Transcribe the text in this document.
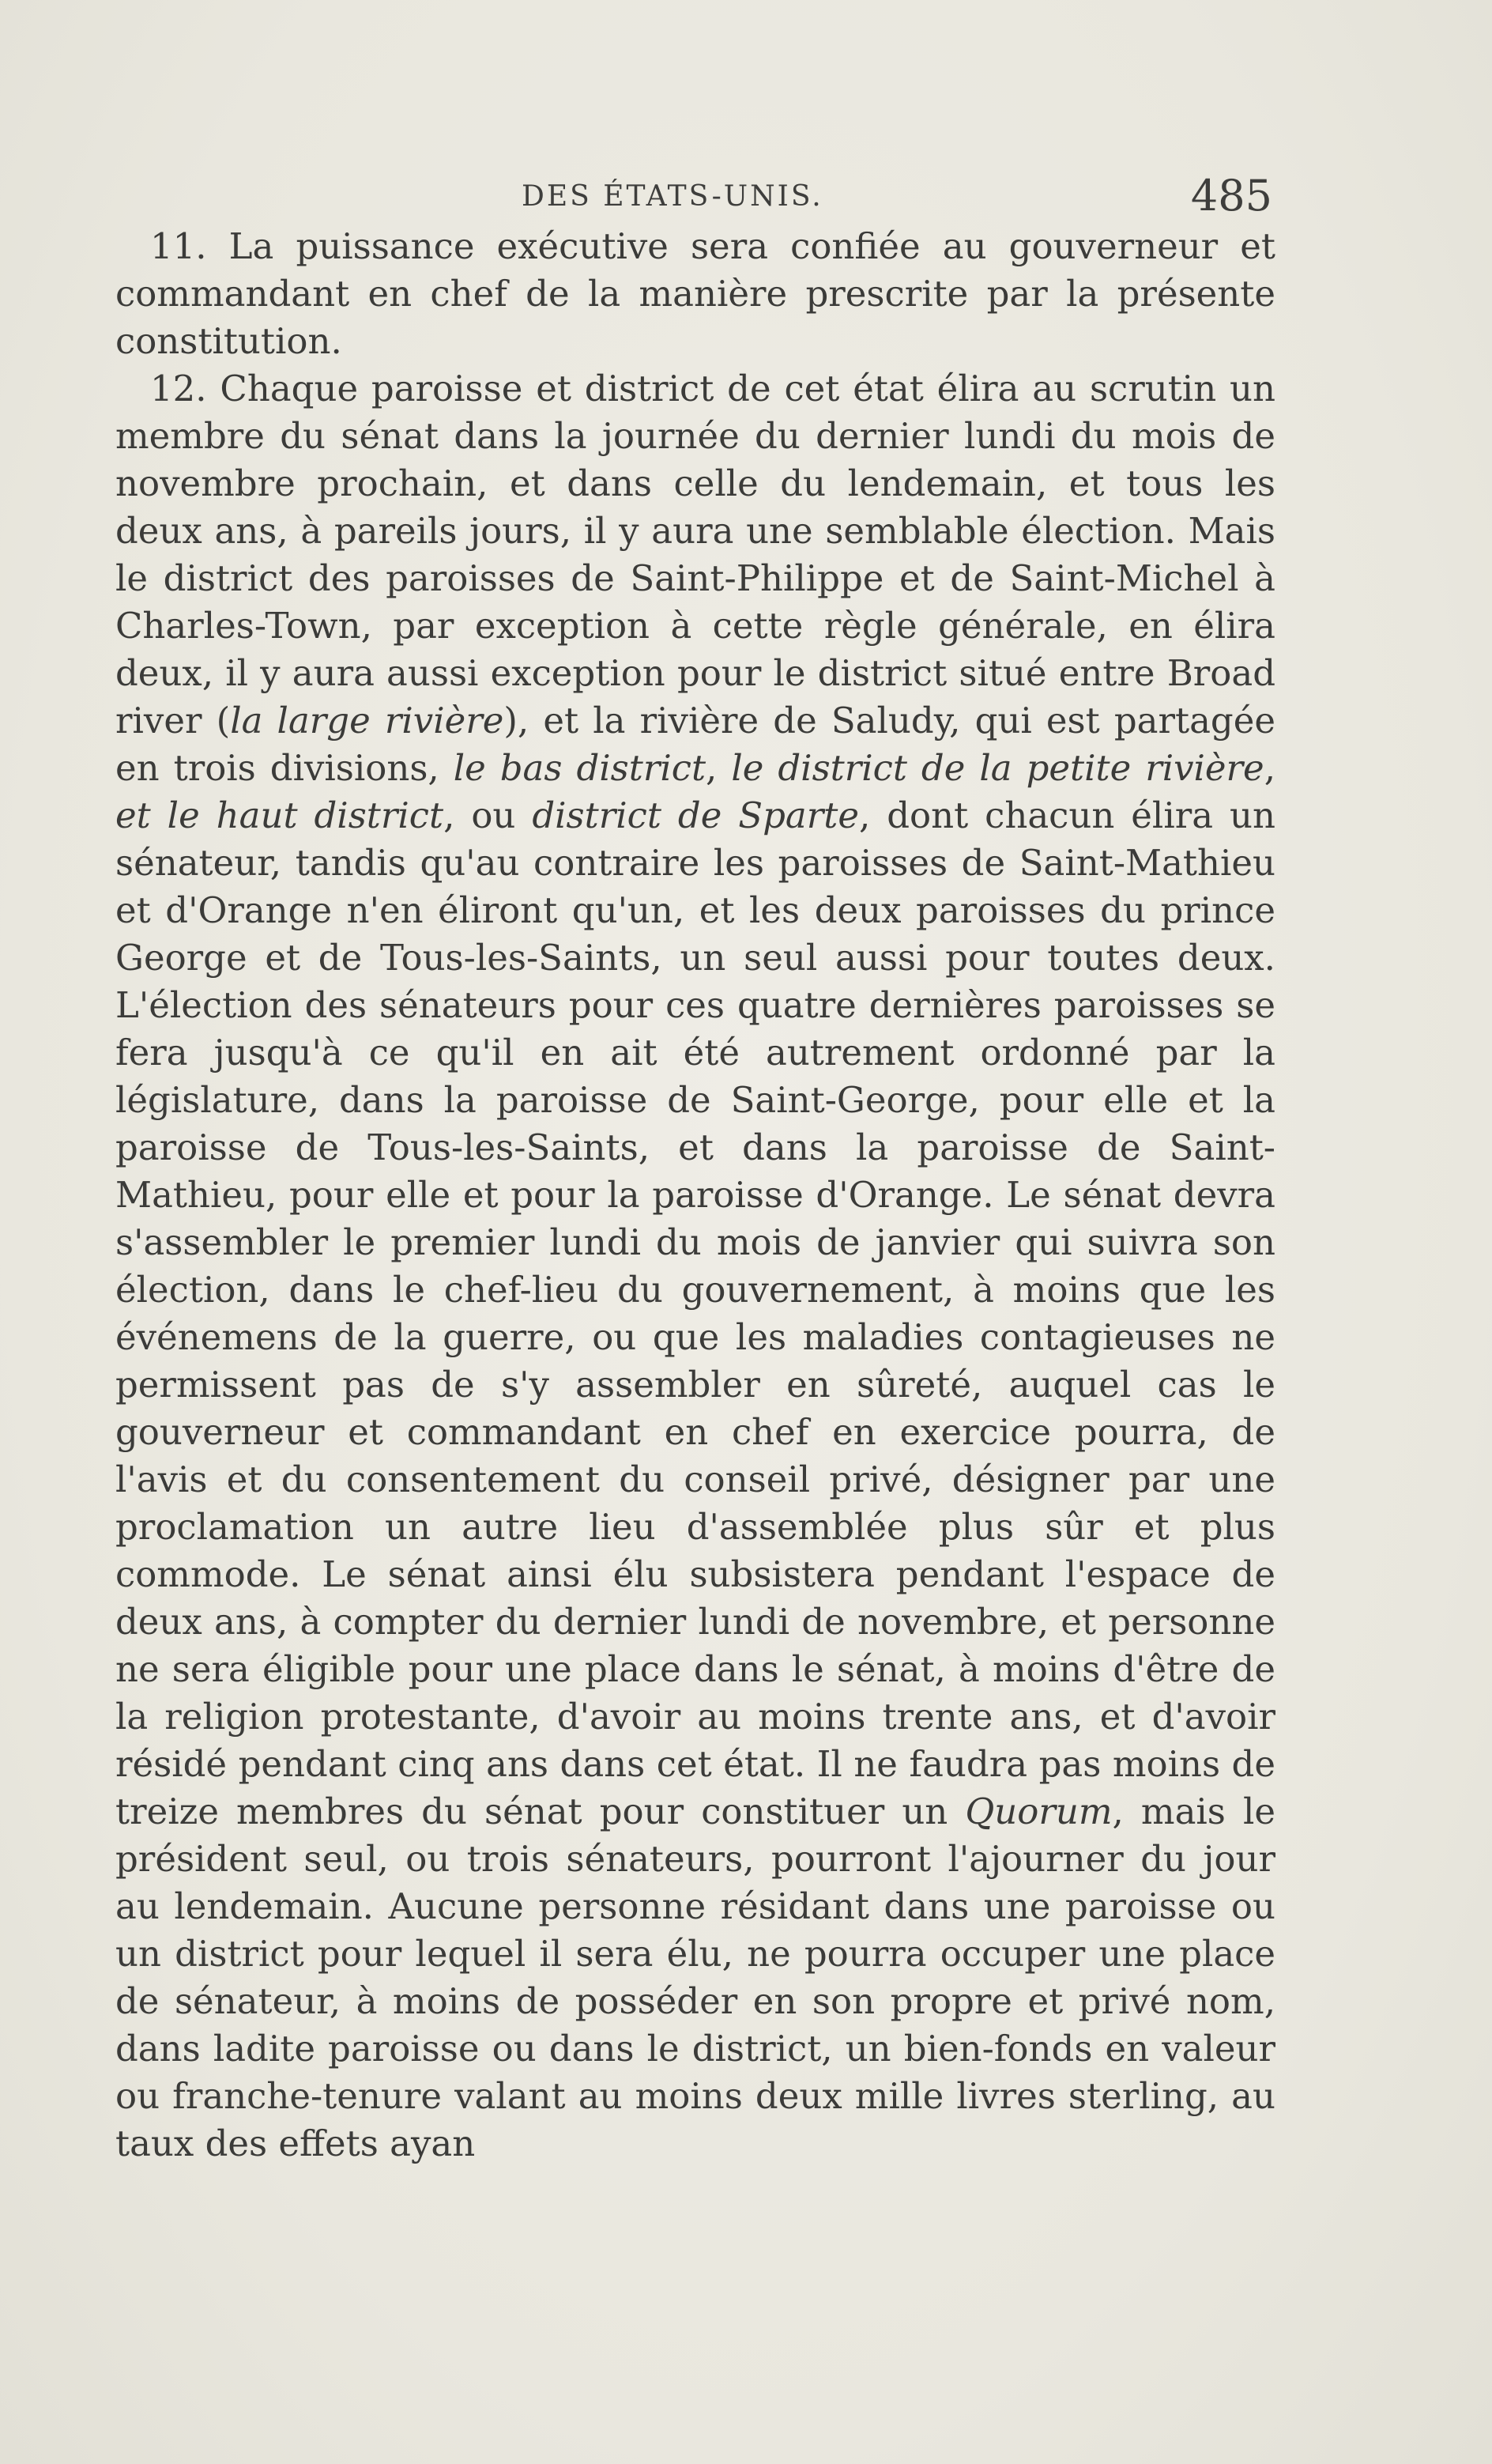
DES ÉTATS-UNIS.	485

11. La puissance exécutive sera confiée au gouverneur et commandant en chef de la manière prescrite par la présente constitution.

12. Chaque paroisse et district de cet état élira au scrutin un membre du sénat dans la journée du dernier lundi du mois de novembre prochain, et dans celle du lendemain, et tous les deux ans, à pareils jours, il y aura une semblable élection. Mais le district des paroisses de Saint-Philippe et de Saint-Michel à Charles-Town, par exception à cette règle générale, en élira deux, il y aura aussi exception pour le district situé entre Broad river (la large rivière), et la rivière de Saludy, qui est partagée en trois divisions, le bas district, le district de la petite rivière, et le haut district, ou district de Sparte, dont chacun élira un sénateur, tandis qu'au contraire les paroisses de Saint-Mathieu et d'Orange n'en éliront qu'un, et les deux paroisses du prince George et de Tous-les-Saints, un seul aussi pour toutes deux. L'élection des sénateurs pour ces quatre dernières paroisses se fera jusqu'à ce qu'il en ait été autrement ordonné par la législature, dans la paroisse de Saint-George, pour elle et la paroisse de Tous-les-Saints, et dans la paroisse de Saint-Mathieu, pour elle et pour la paroisse d'Orange. Le sénat devra s'assembler le premier lundi du mois de janvier qui suivra son élection, dans le chef-lieu du gouvernement, à moins que les événemens de la guerre, ou que les maladies contagieuses ne permissent pas de s'y assembler en sûreté, auquel cas le gouverneur et commandant en chef en exercice pourra, de l'avis et du consentement du conseil privé, désigner par une proclamation un autre lieu d'assemblée plus sûr et plus commode. Le sénat ainsi élu subsistera pendant l'espace de deux ans, à compter du dernier lundi de novembre, et personne ne sera éligible pour une place dans le sénat, à moins d'être de la religion protestante, d'avoir au moins trente ans, et d'avoir résidé pendant cinq ans dans cet état. Il ne faudra pas moins de treize membres du sénat pour constituer un Quorum, mais le président seul, ou trois sénateurs, pourront l'ajourner du jour au lendemain. Aucune personne résidant dans une paroisse ou un district pour lequel il sera élu, ne pourra occuper une place de sénateur, à moins de posséder en son propre et privé nom, dans ladite paroisse ou dans le district, un bien-fonds en valeur ou franche-tenure valant au moins deux mille livres sterling, au taux des effets ayan
